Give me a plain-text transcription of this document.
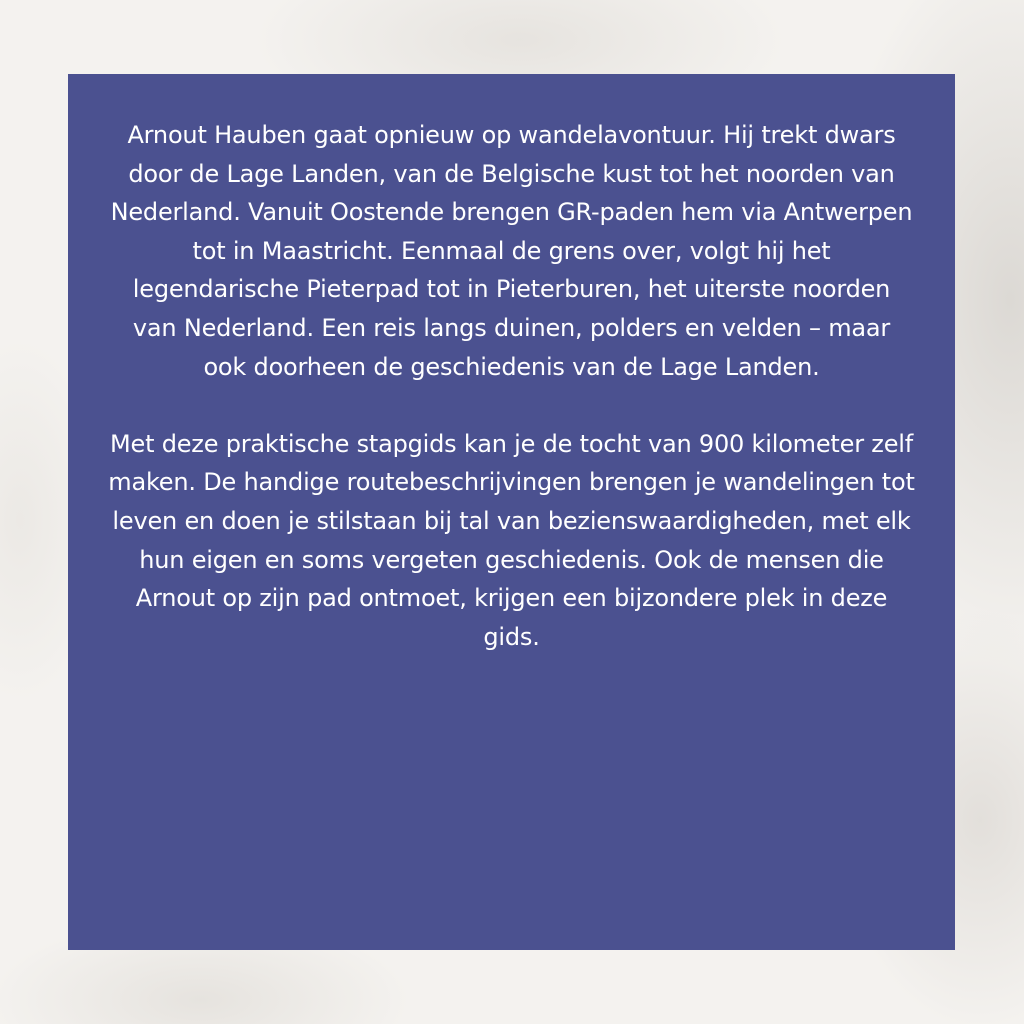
Arnout Hauben gaat opnieuw op wandelavontuur. Hij trekt dwars door de Lage Landen, van de Belgische kust tot het noorden van Nederland. Vanuit Oostende brengen GR-paden hem via Antwerpen tot in Maastricht. Eenmaal de grens over, volgt hij het legendarische Pieterpad tot in Pieterburen, het uiterste noorden van Nederland. Een reis langs duinen, polders en velden – maar ook doorheen de geschiedenis van de Lage Landen.

Met deze praktische stapgids kan je de tocht van 900 kilometer zelf maken. De handige routebeschrijvingen brengen je wandelingen tot leven en doen je stilstaan bij tal van bezienswaardigheden, met elk hun eigen en soms vergeten geschiedenis. Ook de mensen die Arnout op zijn pad ontmoet, krijgen een bijzondere plek in deze gids.
